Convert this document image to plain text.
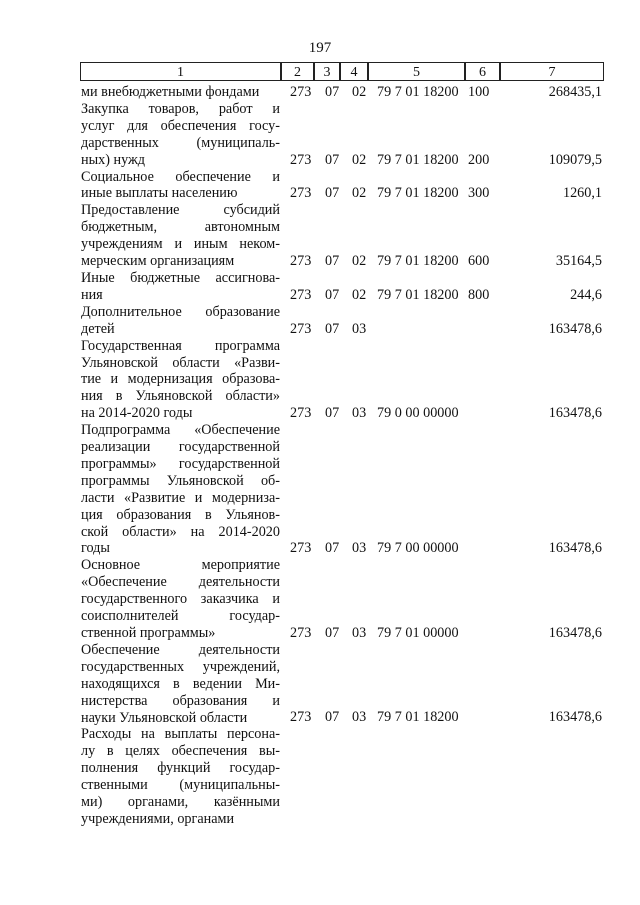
197
1	2	3	4	5	6	7
ми внебюджетными фондами	273 07 02 79 7 01 18200 100	268435,1
Закупка товаров, работ и
услуг для обеспечения госу-
дарственных (муниципаль-
ных) нужд	273 07 02 79 7 01 18200 200	109079,5
Социальное обеспечение и
иные выплаты населению	273 07 02 79 7 01 18200 300	1260,1
Предоставление субсидий
бюджетным, автономным
учреждениям и иным неком-
мерческим организациям	273 07 02 79 7 01 18200 600	35164,5
Иные бюджетные ассигнова-
ния	273 07 02 79 7 01 18200 800	244,6
Дополнительное образование
детей	273 07 03	163478,6
Государственная программа
Ульяновской области «Разви-
тие и модернизация образова-
ния в Ульяновской области»
на 2014-2020 годы	273 07 03 79 0 00 00000	163478,6
Подпрограмма «Обеспечение
реализации государственной
программы» государственной
программы Ульяновской об-
ласти «Развитие и модерниза-
ция образования в Ульянов-
ской области» на 2014-2020
годы	273 07 03 79 7 00 00000	163478,6
Основное мероприятие
«Обеспечение деятельности
государственного заказчика и
соисполнителей государ-
ственной программы»	273 07 03 79 7 01 00000	163478,6
Обеспечение деятельности
государственных учреждений,
находящихся в ведении Ми-
нистерства образования и
науки Ульяновской области	273 07 03 79 7 01 18200	163478,6
Расходы на выплаты персона-
лу в целях обеспечения вы-
полнения функций государ-
ственными (муниципальны-
ми) органами, казёнными
учреждениями, органами
